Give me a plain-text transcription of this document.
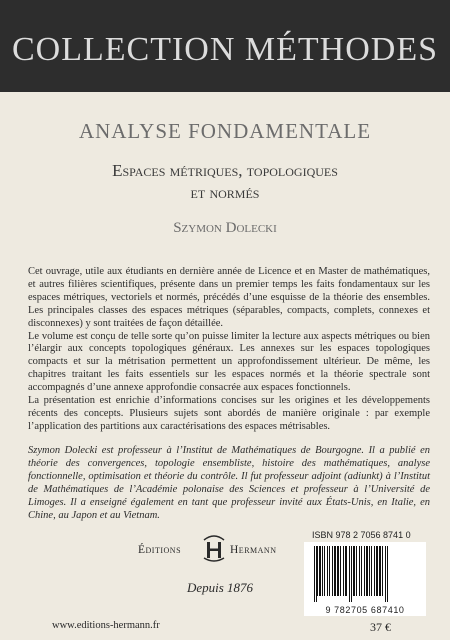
COLLECTION MÉTHODES
ANALYSE FONDAMENTALE
Espaces métriques, topologiques
et normés
Szymon Dolecki

Cet ouvrage, utile aux étudiants en dernière année de Licence et en Master de mathématiques, et autres filières scientifiques, présente dans un premier temps les faits fondamentaux sur les espaces métriques, vectoriels et normés, précédés d’une esquisse de la théorie des ensembles. Les principales classes des espaces métriques (séparables, compacts, complets, connexes et disconnexes) y sont traitées de façon détaillée.

Le volume est conçu de telle sorte qu’on puisse limiter la lecture aux aspects métriques ou bien l’élargir aux concepts topologiques généraux. Les annexes sur les espaces topologiques compacts et sur la métrisation permettent un approfondissement ultérieur. De même, les chapitres traitant les faits essentiels sur les espaces normés et la théorie spectrale sont accompagnés d’une annexe approfondie consacrée aux espaces fonctionnels.

La présentation est enrichie d’informations concises sur les origines et les développements récents des concepts. Plusieurs sujets sont abordés de manière originale : par exemple l’application des partitions aux caractérisations des espaces métrisables.

Szymon Dolecki est professeur à l’Institut de Mathématiques de Bourgogne. Il a publié en théorie des convergences, topologie ensembliste, histoire des mathématiques, analyse fonctionnelle, optimisation et théorie du contrôle. Il fut professeur adjoint (adiunkt) à l’Institut de Mathématiques de l’Académie polonaise des Sciences et professeur à l’Université de Limoges. Il a enseigné également en tant que professeur invité aux États-Unis, en Italie, en Chine, au Japon et au Vietnam.
Éditions	Hermann
Depuis 1876
ISBN 978 2 7056 8741 0
9 782705 687410
www.editions-hermann.fr	37 €
